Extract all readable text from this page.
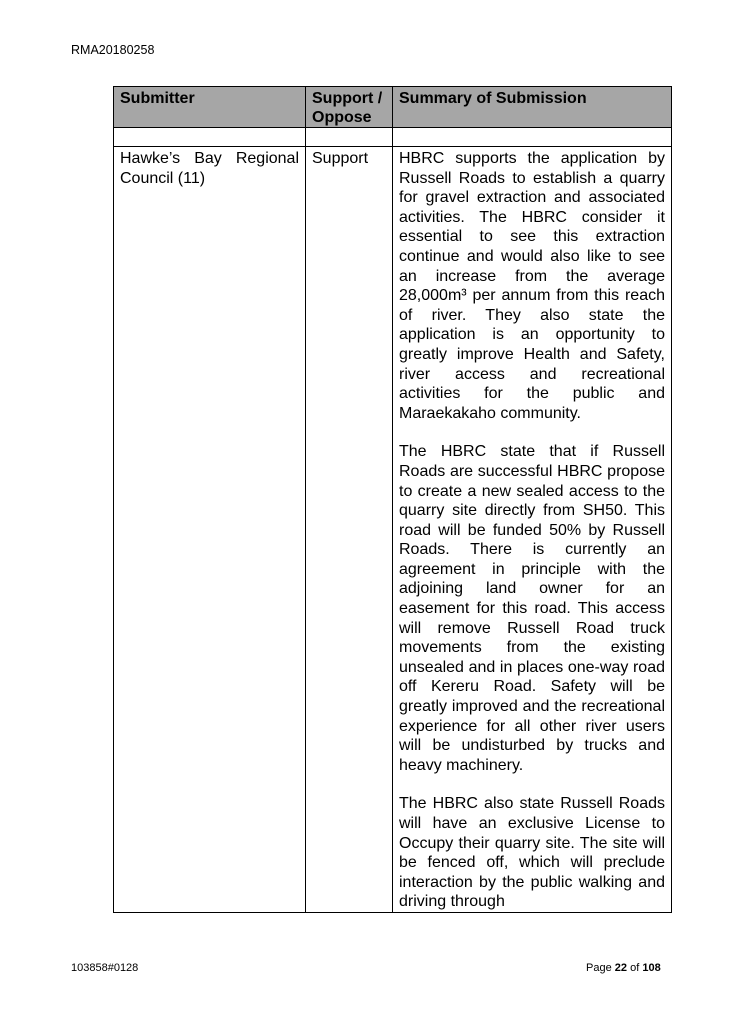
RMA20180258
Submitter	Support / Oppose	Summary of Submission

Hawke’s Bay Regional Council (11)	Support	HBRC supports the application by Russell Roads to establish a quarry for gravel extraction and associated activities. The HBRC consider it essential to see this extraction continue and would also like to see an increase from the average 28,000m³ per annum from this reach of river. They also state the application is an opportunity to greatly improve Health and Safety, river access and recreational activities for the public and Maraekakaho community.

The HBRC state that if Russell Roads are successful HBRC propose to create a new sealed access to the quarry site directly from SH50. This road will be funded 50% by Russell Roads. There is currently an agreement in principle with the adjoining land owner for an easement for this road. This access will remove Russell Road truck movements from the existing unsealed and in places one-way road off Kereru Road. Safety will be greatly improved and the recreational experience for all other river users will be undisturbed by trucks and heavy machinery.

The HBRC also state Russell Roads will have an exclusive License to Occupy their quarry site. The site will be fenced off, which will preclude interaction by the public walking and driving through

103858#0128	Page 22 of 108
